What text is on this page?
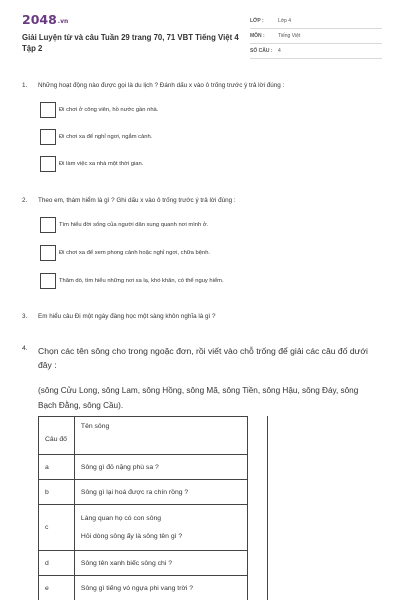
2048.vn
Giải Luyện từ và câu Tuần 29 trang 70, 71 VBT Tiếng Việt 4 Tập 2
LỚP :	Lớp 4
MÔN :	Tiếng Việt
SỐ CÂU : 4
1. Những hoạt động nào được gọi là du lịch ? Đánh dấu x vào ô trống trước ý trả lời đúng :
Đi chơi ở công viên, hồ nước gần nhà.
Đi chơi xa để nghỉ ngơi, ngắm cảnh.
Đi làm việc xa nhà một thời gian.
2. Theo em, thám hiểm là gì ? Ghi dấu x vào ô trống trước ý trả lời đúng :
Tìm hiểu đời sống của người dân xung quanh nơi mình ở.
Đi chơi xa để xem phong cảnh hoặc nghỉ ngơi, chữa bệnh.
Thăm dò, tìm hiểu những nơi xa lạ, khó khăn, có thể nguy hiểm.
3. Em hiểu câu Đi một ngày đàng học một sàng khôn nghĩa là gì ?
4. Chọn các tên sông cho trong ngoặc đơn, rồi viết vào chỗ trống để giải các câu đố dưới đây :
(sông Cửu Long, sông Lam, sông Hồng, sông Mã, sông Tiền, sông Hậu, sông Đáy, sông Bạch Đằng, sông Cầu).
Câu đố	Tên sông
a	Sông gì đỏ nặng phù sa ?
b	Sông gì lại hoá được ra chín rồng ?
c	Làng quan họ có con sông
Hỏi dòng sông ấy là sông tên gì ?

d	Sông tên xanh biếc sông chi ?
e	Sông gì tiếng vó ngựa phi vang trời ?
